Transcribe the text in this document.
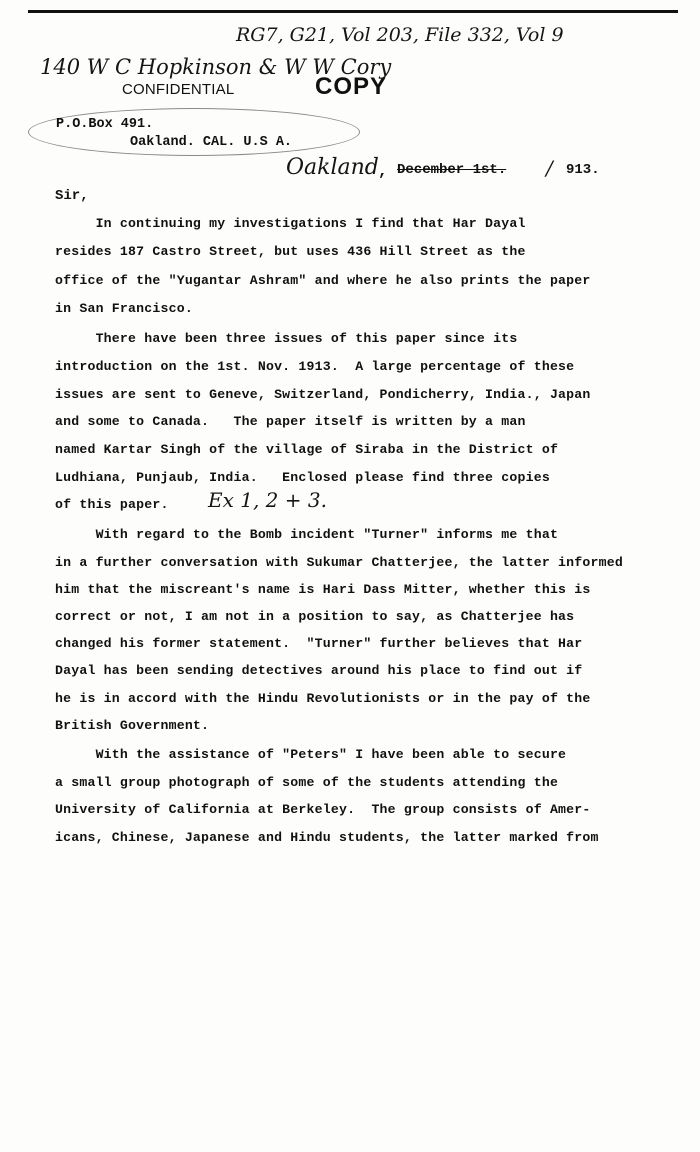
RG7, G21, Vol 203, File 332, Vol 9
140 W C Hopkinson & W W Cory
CONFIDENTIAL	COPY
P.O.Box 491.
Oakland. CAL. U.S A.
Oakland , December 1st. / 913.
Sir,
In continuing my investigations I find that Har Dayal
resides 187 Castro Street, but uses 436 Hill Street as the
office of the "Yugantar Ashram" and where he also prints the paper
in San Francisco.
There have been three issues of this paper since its
introduction on the 1st. Nov. 1913.  A large percentage of these
issues are sent to Geneve, Switzerland, Pondicherry, India., Japan
and some to Canada.   The paper itself is written by a man
named Kartar Singh of the village of Siraba in the District of
Ludhiana, Punjaub, India.   Enclosed please find three copies
of this paper.
With regard to the Bomb incident "Turner" informs me that
in a further conversation with Sukumar Chatterjee, the latter informed
him that the miscreant's name is Hari Dass Mitter, whether this is
correct or not, I am not in a position to say, as Chatterjee has
changed his former statement.  "Turner" further believes that Har
Dayal has been sending detectives around his place to find out if
he is in accord with the Hindu Revolutionists or in the pay of the
British Government.
With the assistance of "Peters" I have been able to secure
a small group photograph of some of the students attending the
University of California at Berkeley.  The group consists of Amer-
icans, Chinese, Japanese and Hindu students, the latter marked from
Ex 1, 2 + 3.
